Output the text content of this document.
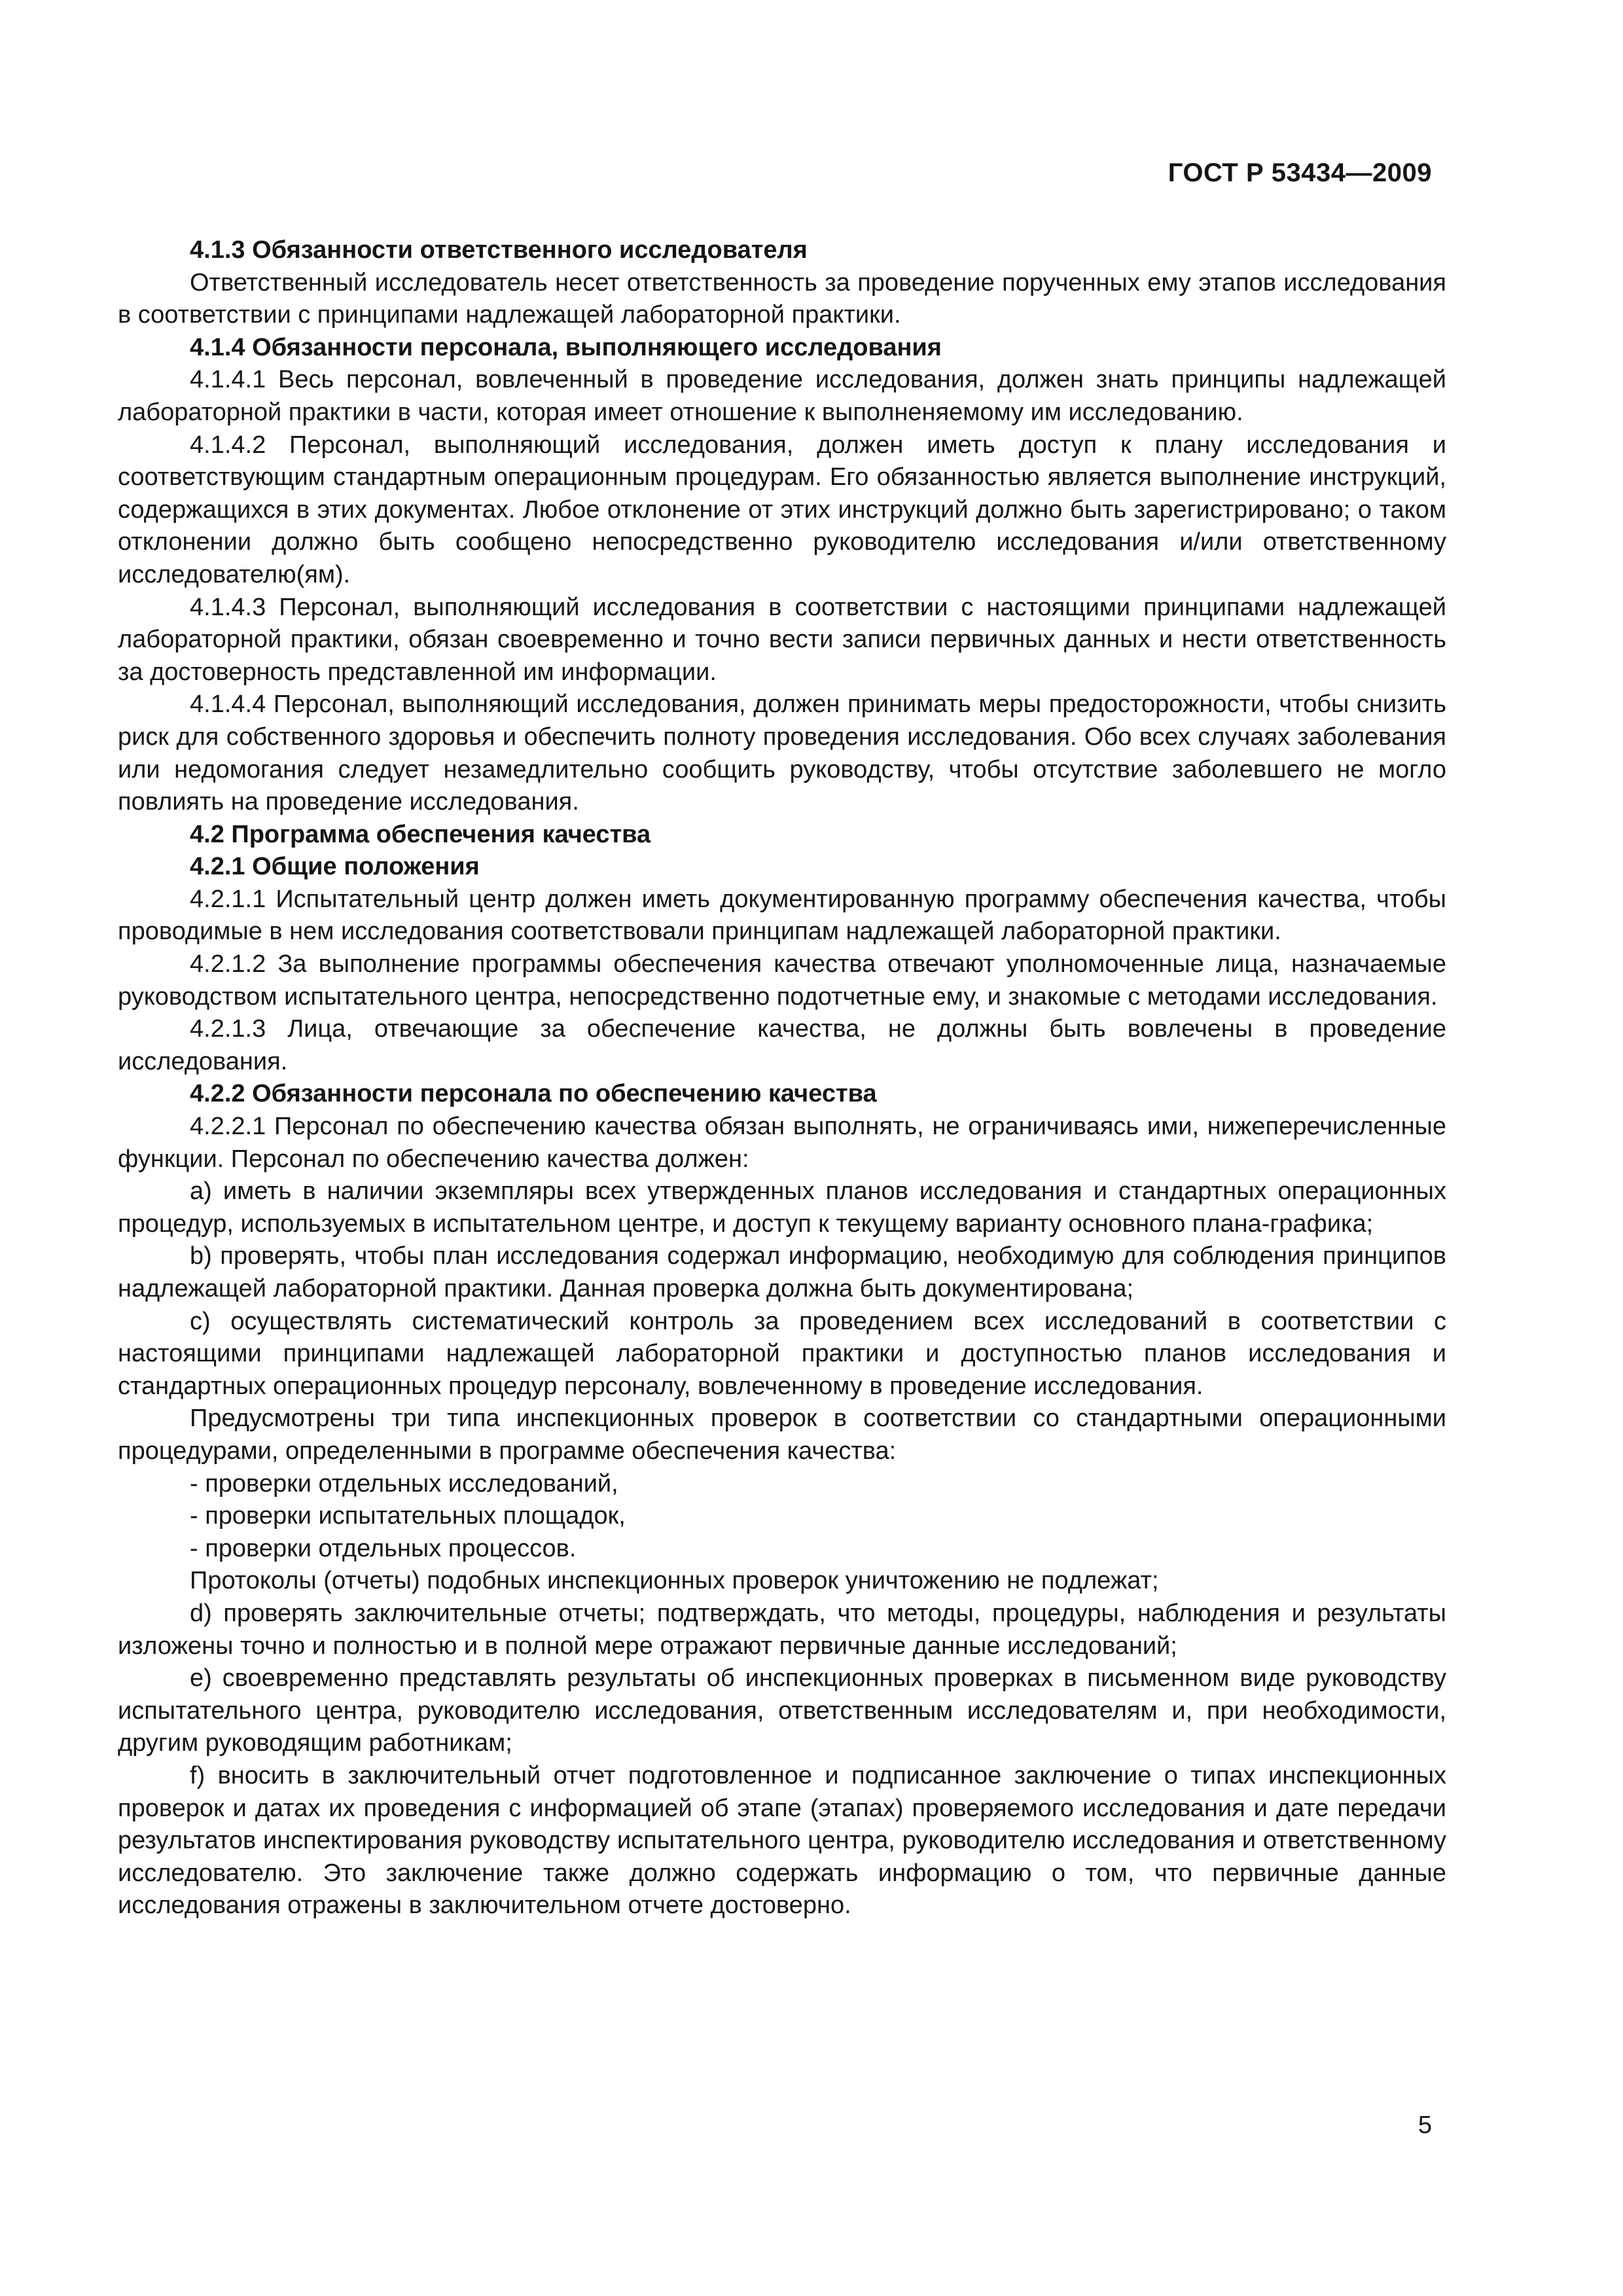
ГОСТ Р 53434—2009

4.1.3 Обязанности ответственного исследователя

Ответственный исследователь несет ответственность за проведение порученных ему этапов исследования в соответствии с принципами надлежащей лабораторной практики.

4.1.4 Обязанности персонала, выполняющего исследования

4.1.4.1 Весь персонал, вовлеченный в проведение исследования, должен знать принципы надлежащей лабораторной практики в части, которая имеет отношение к выполненяемому им исследованию.

4.1.4.2 Персонал, выполняющий исследования, должен иметь доступ к плану исследования и соответствующим стандартным операционным процедурам. Его обязанностью является выполнение инструкций, содержащихся в этих документах. Любое отклонение от этих инструкций должно быть зарегистрировано; о таком отклонении должно быть сообщено непосредственно руководителю исследования и/или ответственному исследователю(ям).

4.1.4.3 Персонал, выполняющий исследования в соответствии с настоящими принципами надлежащей лабораторной практики, обязан своевременно и точно вести записи первичных данных и нести ответственность за достоверность представленной им информации.

4.1.4.4 Персонал, выполняющий исследования, должен принимать меры предосторожности, чтобы снизить риск для собственного здоровья и обеспечить полноту проведения исследования. Обо всех случаях заболевания или недомогания следует незамедлительно сообщить руководству, чтобы отсутствие заболевшего не могло повлиять на проведение исследования.

4.2 Программа обеспечения качества

4.2.1 Общие положения

4.2.1.1 Испытательный центр должен иметь документированную программу обеспечения качества, чтобы проводимые в нем исследования соответствовали принципам надлежащей лабораторной практики.

4.2.1.2 За выполнение программы обеспечения качества отвечают уполномоченные лица, назначаемые руководством испытательного центра, непосредственно подотчетные ему, и знакомые с методами исследования.

4.2.1.3 Лица, отвечающие за обеспечение качества, не должны быть вовлечены в проведение исследования.

4.2.2 Обязанности персонала по обеспечению качества

4.2.2.1 Персонал по обеспечению качества обязан выполнять, не ограничиваясь ими, нижеперечисленные функции. Персонал по обеспечению качества должен:

а) иметь в наличии экземпляры всех утвержденных планов исследования и стандартных операционных процедур, используемых в испытательном центре, и доступ к текущему варианту основного плана-графика;

b) проверять, чтобы план исследования содержал информацию, необходимую для соблюдения принципов надлежащей лабораторной практики. Данная проверка должна быть документирована;

с) осуществлять систематический контроль за проведением всех исследований в соответствии с настоящими принципами надлежащей лабораторной практики и доступностью планов исследования и стандартных операционных процедур персоналу, вовлеченному в проведение исследования.

Предусмотрены три типа инспекционных проверок в соответствии со стандартными операционными процедурами, определенными в программе обеспечения качества:

- проверки отдельных исследований,

- проверки испытательных площадок,

- проверки отдельных процессов.

Протоколы (отчеты) подобных инспекционных проверок уничтожению не подлежат;

d) проверять заключительные отчеты; подтверждать, что методы, процедуры, наблюдения и результаты изложены точно и полностью и в полной мере отражают первичные данные исследований;

е) своевременно представлять результаты об инспекционных проверках в письменном виде руководству испытательного центра, руководителю исследования, ответственным исследователям и, при необходимости, другим руководящим работникам;

f) вносить в заключительный отчет подготовленное и подписанное заключение о типах инспекционных проверок и датах их проведения с информацией об этапе (этапах) проверяемого исследования и дате передачи результатов инспектирования руководству испытательного центра, руководителю исследования и ответственному исследователю. Это заключение также должно содержать информацию о том, что первичные данные исследования отражены в заключительном отчете достоверно.

5
